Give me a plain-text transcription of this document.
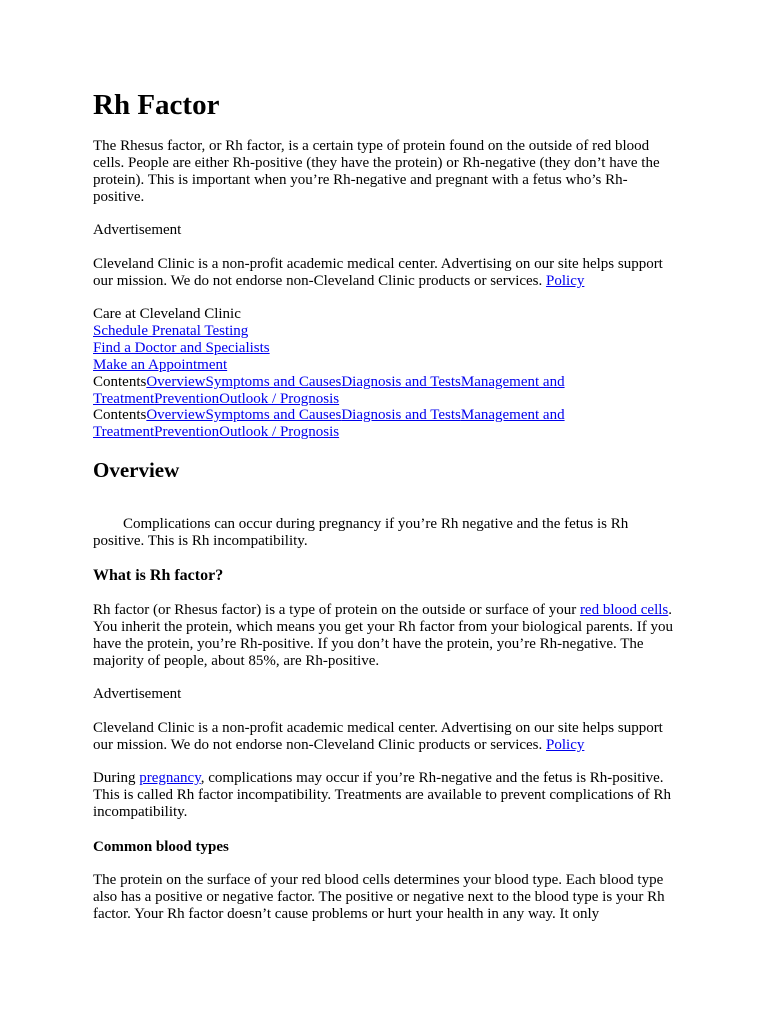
Rh Factor

The Rhesus factor, or Rh factor, is a certain type of protein found on the outside of red blood cells. People are either Rh-positive (they have the protein) or Rh-negative (they don’t have the protein). This is important when you’re Rh-negative and pregnant with a fetus who’s Rh-positive.

Advertisement

Cleveland Clinic is a non-profit academic medical center. Advertising on our site helps support our mission. We do not endorse non-Cleveland Clinic products or services. Policy

Care at Cleveland Clinic

Schedule Prenatal Testing

Find a Doctor and Specialists

Make an Appointment

ContentsOverviewSymptoms and CausesDiagnosis and TestsManagement and
TreatmentPreventionOutlook / Prognosis
ContentsOverviewSymptoms and CausesDiagnosis and TestsManagement and
TreatmentPreventionOutlook / Prognosis
Overview

Complications can occur during pregnancy if you’re Rh negative and the fetus is Rh positive. This is Rh incompatibility.

What is Rh factor?

Rh factor (or Rhesus factor) is a type of protein on the outside or surface of your red blood cells. You inherit the protein, which means you get your Rh factor from your biological parents. If you have the protein, you’re Rh-positive. If you don’t have the protein, you’re Rh-negative. The majority of people, about 85%, are Rh-positive.

Advertisement

Cleveland Clinic is a non-profit academic medical center. Advertising on our site helps support our mission. We do not endorse non-Cleveland Clinic products or services. Policy

During pregnancy, complications may occur if you’re Rh-negative and the fetus is Rh-positive. This is called Rh factor incompatibility. Treatments are available to prevent complications of Rh incompatibility.

Common blood types

The protein on the surface of your red blood cells determines your blood type. Each blood type also has a positive or negative factor. The positive or negative next to the blood type is your Rh factor. Your Rh factor doesn’t cause problems or hurt your health in any way. It only
